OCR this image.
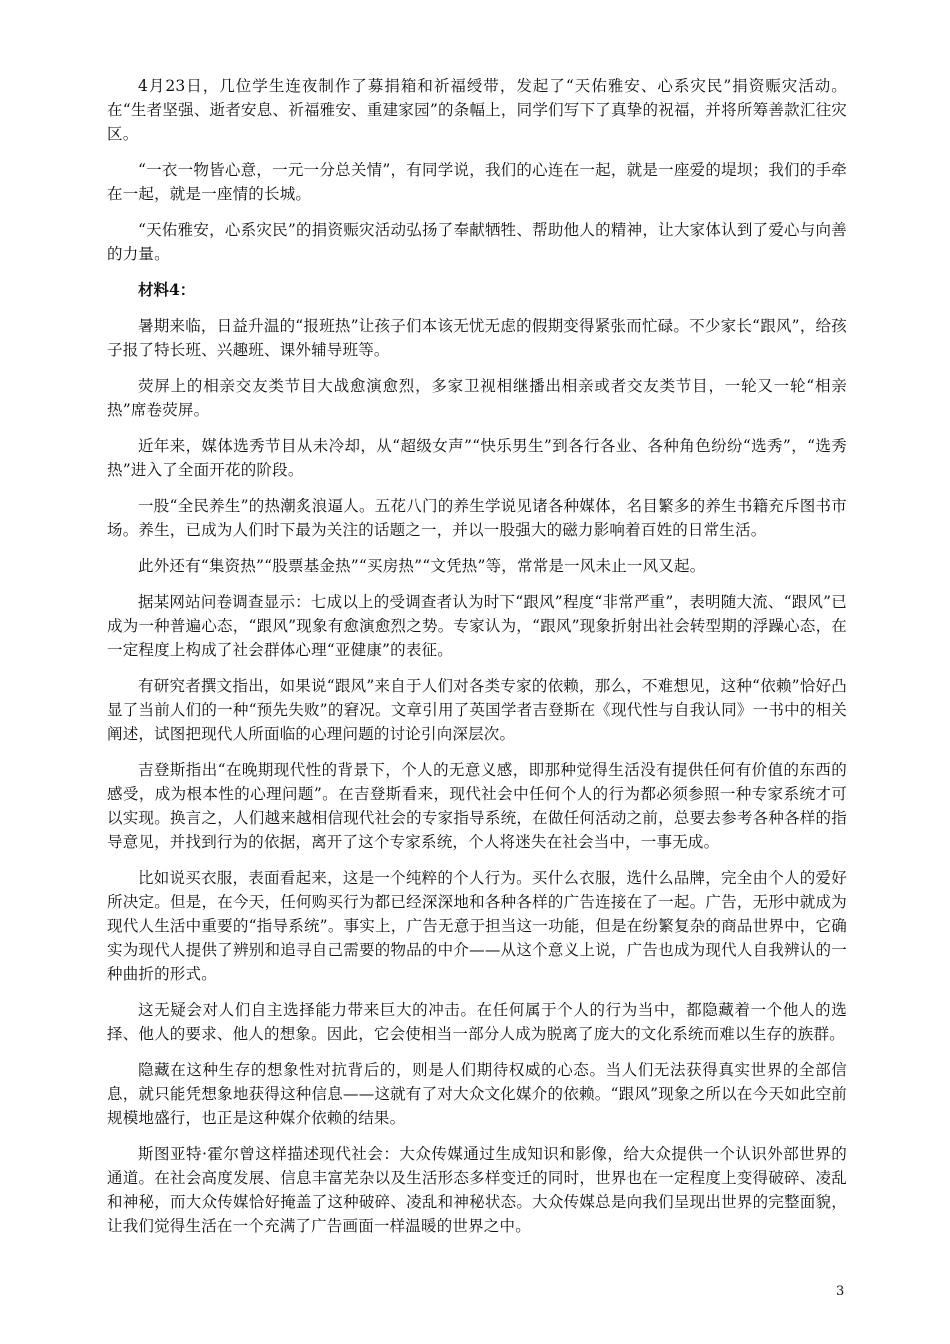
4月23日，几位学生连夜制作了募捐箱和祈福绶带，发起了“天佑雅安、心系灾民”捐资赈灾活动。在“生者坚强、逝者安息、祈福雅安、重建家园”的条幅上，同学们写下了真挚的祝福，并将所筹善款汇往灾区。

“一衣一物皆心意，一元一分总关情”，有同学说，我们的心连在一起，就是一座爱的堤坝；我们的手牵在一起，就是一座情的长城。

“天佑雅安，心系灾民”的捐资赈灾活动弘扬了奉献牺牲、帮助他人的精神，让大家体认到了爱心与向善的力量。

材料4：

暑期来临，日益升温的“报班热”让孩子们本该无忧无虑的假期变得紧张而忙碌。不少家长“跟风”，给孩子报了特长班、兴趣班、课外辅导班等。

荧屏上的相亲交友类节目大战愈演愈烈，多家卫视相继播出相亲或者交友类节目，一轮又一轮“相亲热”席卷荧屏。

近年来，媒体选秀节目从未冷却，从“超级女声”“快乐男生”到各行各业、各种角色纷纷“选秀”，“选秀热”进入了全面开花的阶段。

一股“全民养生”的热潮炙浪逼人。五花八门的养生学说见诸各种媒体，名目繁多的养生书籍充斥图书市场。养生，已成为人们时下最为关注的话题之一，并以一股强大的磁力影响着百姓的日常生活。

此外还有“集资热”“股票基金热”“买房热”“文凭热”等，常常是一风未止一风又起。

据某网站问卷调查显示：七成以上的受调查者认为时下“跟风”程度“非常严重”，表明随大流、“跟风”已成为一种普遍心态，“跟风”现象有愈演愈烈之势。专家认为，“跟风”现象折射出社会转型期的浮躁心态，在一定程度上构成了社会群体心理“亚健康”的表征。

有研究者撰文指出，如果说“跟风”来自于人们对各类专家的依赖，那么，不难想见，这种“依赖”恰好凸显了当前人们的一种“预先失败”的窘况。文章引用了英国学者吉登斯在《现代性与自我认同》一书中的相关阐述，试图把现代人所面临的心理问题的讨论引向深层次。

吉登斯指出“在晚期现代性的背景下，个人的无意义感，即那种觉得生活没有提供任何有价值的东西的感受，成为根本性的心理问题”。在吉登斯看来，现代社会中任何个人的行为都必须参照一种专家系统才可以实现。换言之，人们越来越相信现代社会的专家指导系统，在做任何活动之前，总要去参考各种各样的指导意见，并找到行为的依据，离开了这个专家系统，个人将迷失在社会当中，一事无成。

比如说买衣服，表面看起来，这是一个纯粹的个人行为。买什么衣服，选什么品牌，完全由个人的爱好所决定。但是，在今天，任何购买行为都已经深深地和各种各样的广告连接在了一起。广告，无形中就成为现代人生活中重要的“指导系统”。事实上，广告无意于担当这一功能，但是在纷繁复杂的商品世界中，它确实为现代人提供了辨别和追寻自己需要的物品的中介——从这个意义上说，广告也成为现代人自我辨认的一种曲折的形式。

这无疑会对人们自主选择能力带来巨大的冲击。在任何属于个人的行为当中，都隐藏着一个他人的选择、他人的要求、他人的想象。因此，它会使相当一部分人成为脱离了庞大的文化系统而难以生存的族群。

隐藏在这种生存的想象性对抗背后的，则是人们期待权威的心态。当人们无法获得真实世界的全部信息，就只能凭想象地获得这种信息——这就有了对大众文化媒介的依赖。“跟风”现象之所以在今天如此空前规模地盛行，也正是这种媒介依赖的结果。

斯图亚特·霍尔曾这样描述现代社会：大众传媒通过生成知识和影像，给大众提供一个认识外部世界的通道。在社会高度发展、信息丰富芜杂以及生活形态多样变迁的同时，世界也在一定程度上变得破碎、凌乱和神秘，而大众传媒恰好掩盖了这种破碎、凌乱和神秘状态。大众传媒总是向我们呈现出世界的完整面貌，让我们觉得生活在一个充满了广告画面一样温暖的世界之中。

3
